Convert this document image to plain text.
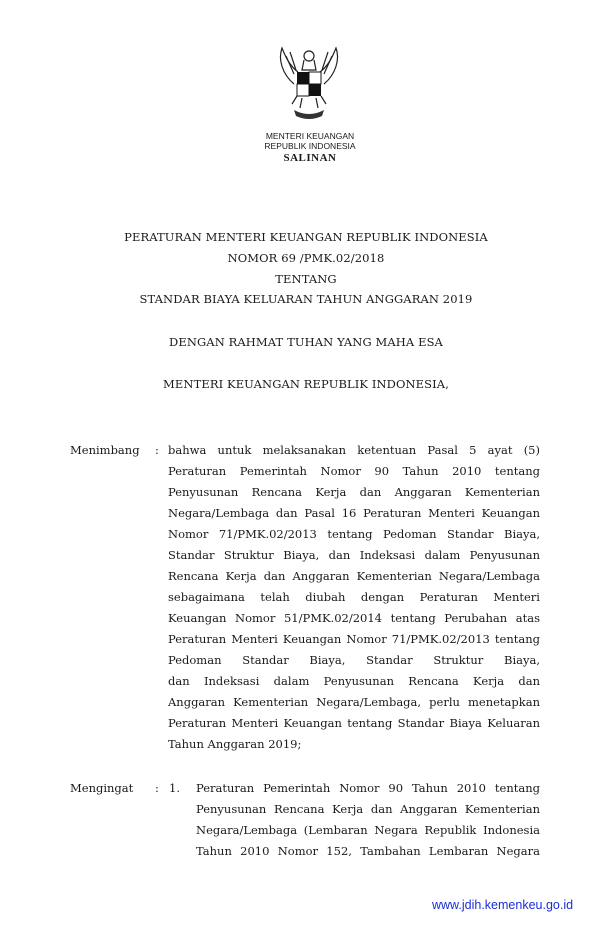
MENTERI KEUANGAN
REPUBLIK INDONESIA
SALINAN
PERATURAN MENTERI KEUANGAN REPUBLIK INDONESIA
NOMOR 69 /PMK.02/2018
TENTANG
STANDAR BIAYA KELUARAN TAHUN ANGGARAN 2019
DENGAN RAHMAT TUHAN YANG MAHA ESA
MENTERI KEUANGAN REPUBLIK INDONESIA,
Menimbang : bahwa untuk melaksanakan ketentuan Pasal 5 ayat (5)
Peraturan Pemerintah Nomor 90 Tahun 2010 tentang
Penyusunan Rencana Kerja dan Anggaran Kementerian
Negara/Lembaga dan Pasal 16 Peraturan Menteri Keuangan
Nomor 71/PMK.02/2013 tentang Pedoman Standar Biaya,
Standar Struktur Biaya, dan Indeksasi dalam Penyusunan
Rencana Kerja dan Anggaran Kementerian Negara/Lembaga
sebagaimana telah diubah dengan Peraturan Menteri
Keuangan Nomor 51/PMK.02/2014 tentang Perubahan atas
Peraturan Menteri Keuangan Nomor 71/PMK.02/2013 tentang
Pedoman Standar Biaya, Standar Struktur Biaya,
dan Indeksasi dalam Penyusunan Rencana Kerja dan
Anggaran Kementerian Negara/Lembaga, perlu menetapkan
Peraturan Menteri Keuangan tentang Standar Biaya Keluaran
Tahun Anggaran 2019;
Mengingat : 1. Peraturan Pemerintah Nomor 90 Tahun 2010 tentang
Penyusunan Rencana Kerja dan Anggaran Kementerian
Negara/Lembaga (Lembaran Negara Republik Indonesia
Tahun 2010 Nomor 152, Tambahan Lembaran Negara
www.jdih.kemenkeu.go.id
